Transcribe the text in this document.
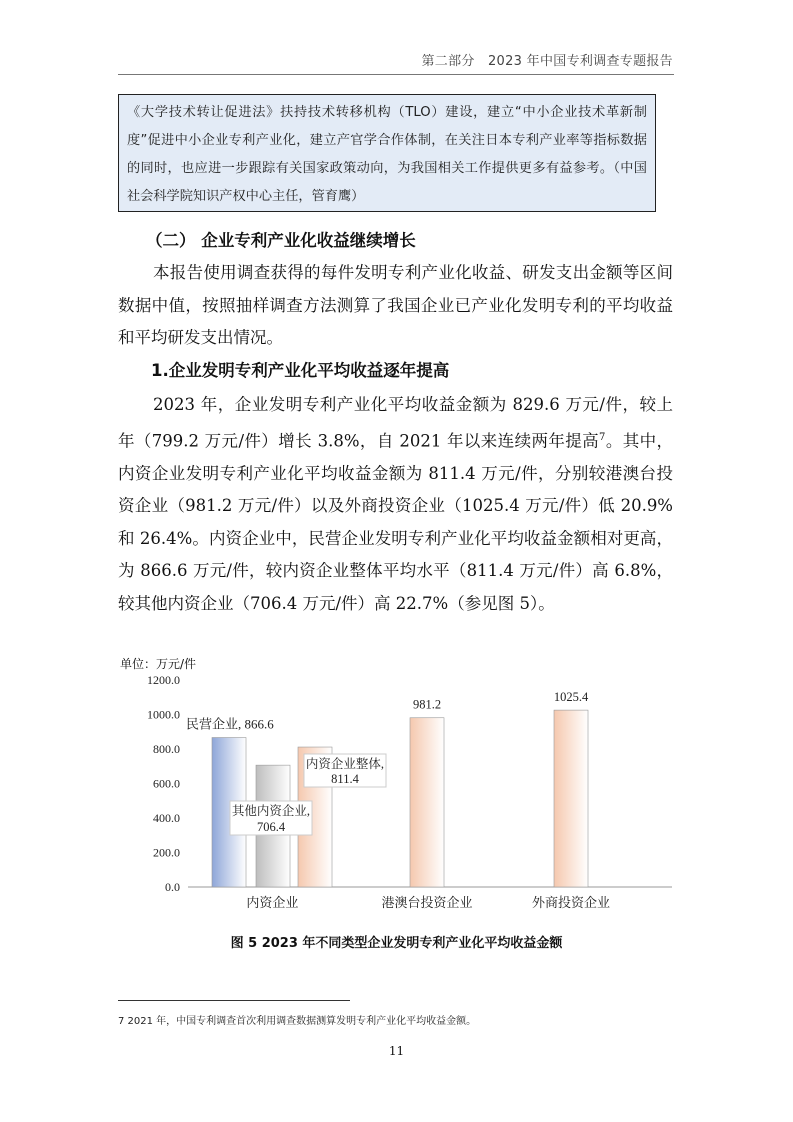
第二部分　2023 年中国专利调查专题报告

《大学技术转让促进法》扶持技术转移机构（TLO）建设，建立“中小企业技术革新制度”促进中小企业专利产业化，建立产官学合作体制，在关注日本专利产业率等指标数据的同时，也应进一步跟踪有关国家政策动向，为我国相关工作提供更多有益参考。（中国社会科学院知识产权中心主任，管育鹰）

（二） 企业专利产业化收益继续增长

本报告使用调查获得的每件发明专利产业化收益、研发支出金额等区间数据中值，按照抽样调查方法测算了我国企业已产业化发明专利的平均收益和平均研发支出情况。

1.企业发明专利产业化平均收益逐年提高

2023 年，企业发明专利产业化平均收益金额为 829.6 万元/件，较上年（799.2 万元/件）增长 3.8%，自 2021 年以来连续两年提高$^7$。其中，内资企业发明专利产业化平均收益金额为 811.4 万元/件，分别较港澳台投资企业（981.2 万元/件）以及外商投资企业（1025.4 万元/件）低 20.9%和 26.4%。内资企业中，民营企业发明专利产业化平均收益金额相对更高，为 866.6 万元/件，较内资企业整体平均水平（811.4 万元/件）高 6.8%，较其他内资企业（706.4 万元/件）高 22.7%（参见图 5）。

单位：万元/件
0.0
200.0
400.0
600.0
800.0
1000.0
1200.0
内资企业	港澳台投资企业	外商投资企业
民营企业, 866.6
其他内资企业,
706.4
内资企业整体,
811.4
981.2
1025.4
图 5 2023 年不同类型企业发明专利产业化平均收益金额
7 2021 年，中国专利调查首次利用调查数据测算发明专利产业化平均收益金额。
11
